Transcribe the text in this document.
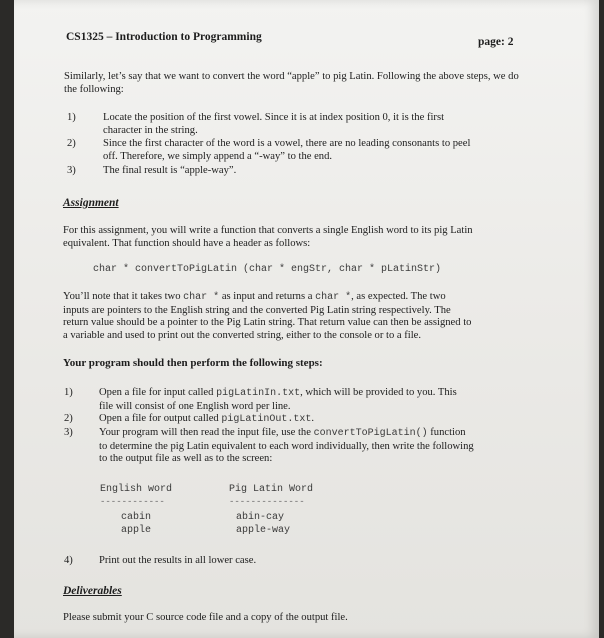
CS1325 – Introduction to Programming	page: 2
Similarly, let’s say that we want to convert the word “apple” to pig Latin. Following the above steps, we do the following:
1)	Locate the position of the first vowel. Since it is at index position 0, it is the first
character in the string.
2)	Since the first character of the word is a vowel, there are no leading consonants to peel
off. Therefore, we simply append a “-way” to the end.
3)	The final result is “apple-way”.
Assignment
For this assignment, you will write a function that converts a single English word to its pig Latin
equivalent. That function should have a header as follows:
char * convertToPigLatin (char * engStr, char * pLatinStr)
You’ll note that it takes two char * as input and returns a char *, as expected. The two
inputs are pointers to the English string and the converted Pig Latin string respectively. The
return value should be a pointer to the Pig Latin string. That return value can then be assigned to
a variable and used to print out the converted string, either to the console or to a file.
Your program should then perform the following steps:
1)	Open a file for input called pigLatinIn.txt, which will be provided to you. This
file will consist of one English word per line.
2)	Open a file for output called pigLatinOut.txt.
3)	Your program will then read the input file, use the convertToPigLatin() function
to determine the pig Latin equivalent to each word individually, then write the following
to the output file as well as to the screen:
English word	Pig Latin Word
------------	--------------
cabin	abin-cay
apple	apple-way
4)	Print out the results in all lower case.
Deliverables
Please submit your C source code file and a copy of the output file.
